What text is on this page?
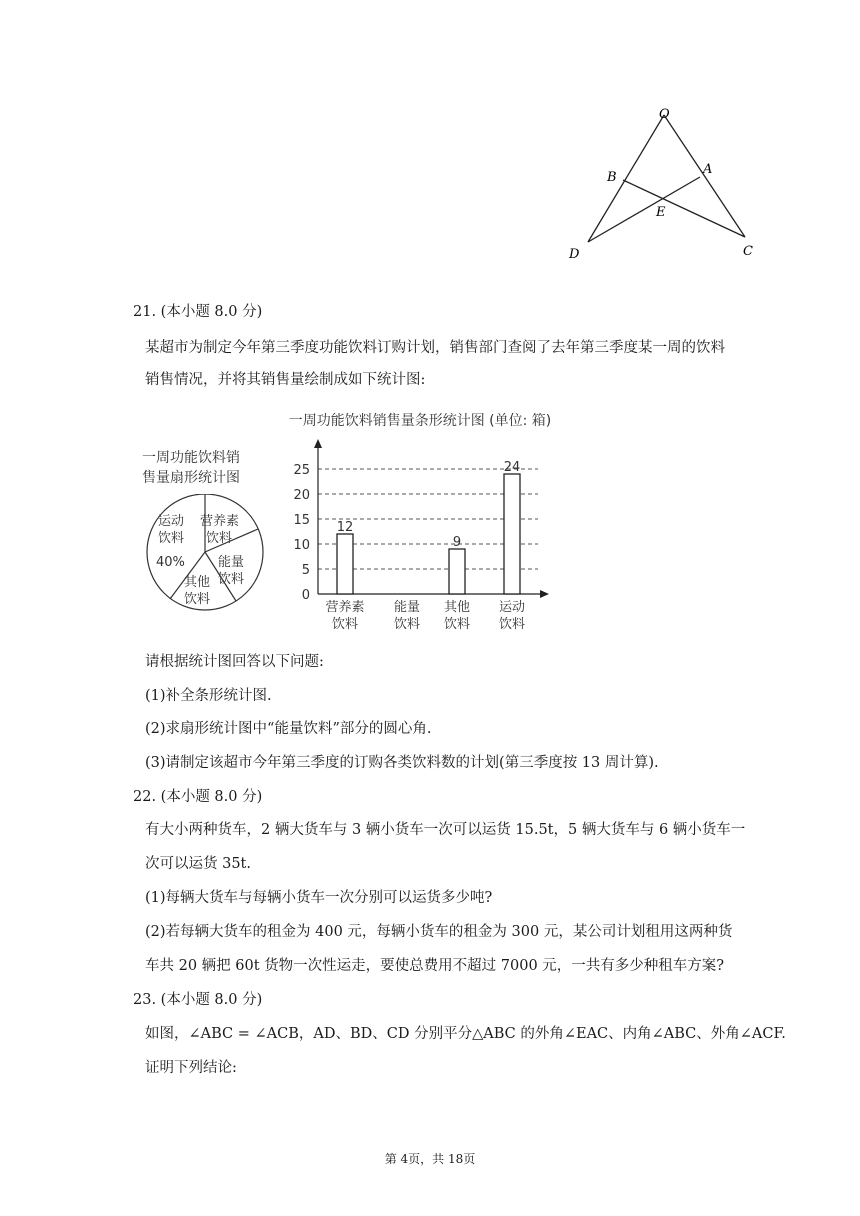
O
B
A
E
D	C
21. (本小题 8.0 分)
某超市为制定今年第三季度功能饮料订购计划，销售部门查阅了去年第三季度某一周的饮料
销售情况，并将其销售量绘制成如下统计图:
一周功能饮料销
售量扇形统计图
运动
饮料
40%
营养素
饮料
能量
饮料
其他
饮料
一周功能饮料销售量条形统计图 (单位: 箱)
0
5
10
15
20
25
12
营养素
饮料
能量
饮料
9
其他
饮料
24
运动
饮料
请根据统计图回答以下问题:
(1)补全条形统计图.
(2)求扇形统计图中“能量饮料”部分的圆心角.
(3)请制定该超市今年第三季度的订购各类饮料数的计划(第三季度按 13 周计算).
22. (本小题 8.0 分)
有大小两种货车，2 辆大货车与 3 辆小货车一次可以运货 15.5t，5 辆大货车与 6 辆小货车一
次可以运货 35t.
(1)每辆大货车与每辆小货车一次分别可以运货多少吨?
(2)若每辆大货车的租金为 400 元，每辆小货车的租金为 300 元，某公司计划租用这两种货
车共 20 辆把 60t 货物一次性运走，要使总费用不超过 7000 元，一共有多少种租车方案?
23. (本小题 8.0 分)
如图，∠ABC = ∠ACB，AD、BD、CD 分别平分△ABC 的外角∠EAC、内角∠ABC、外角∠ACF.
证明下列结论:
第 4页，共 18页
